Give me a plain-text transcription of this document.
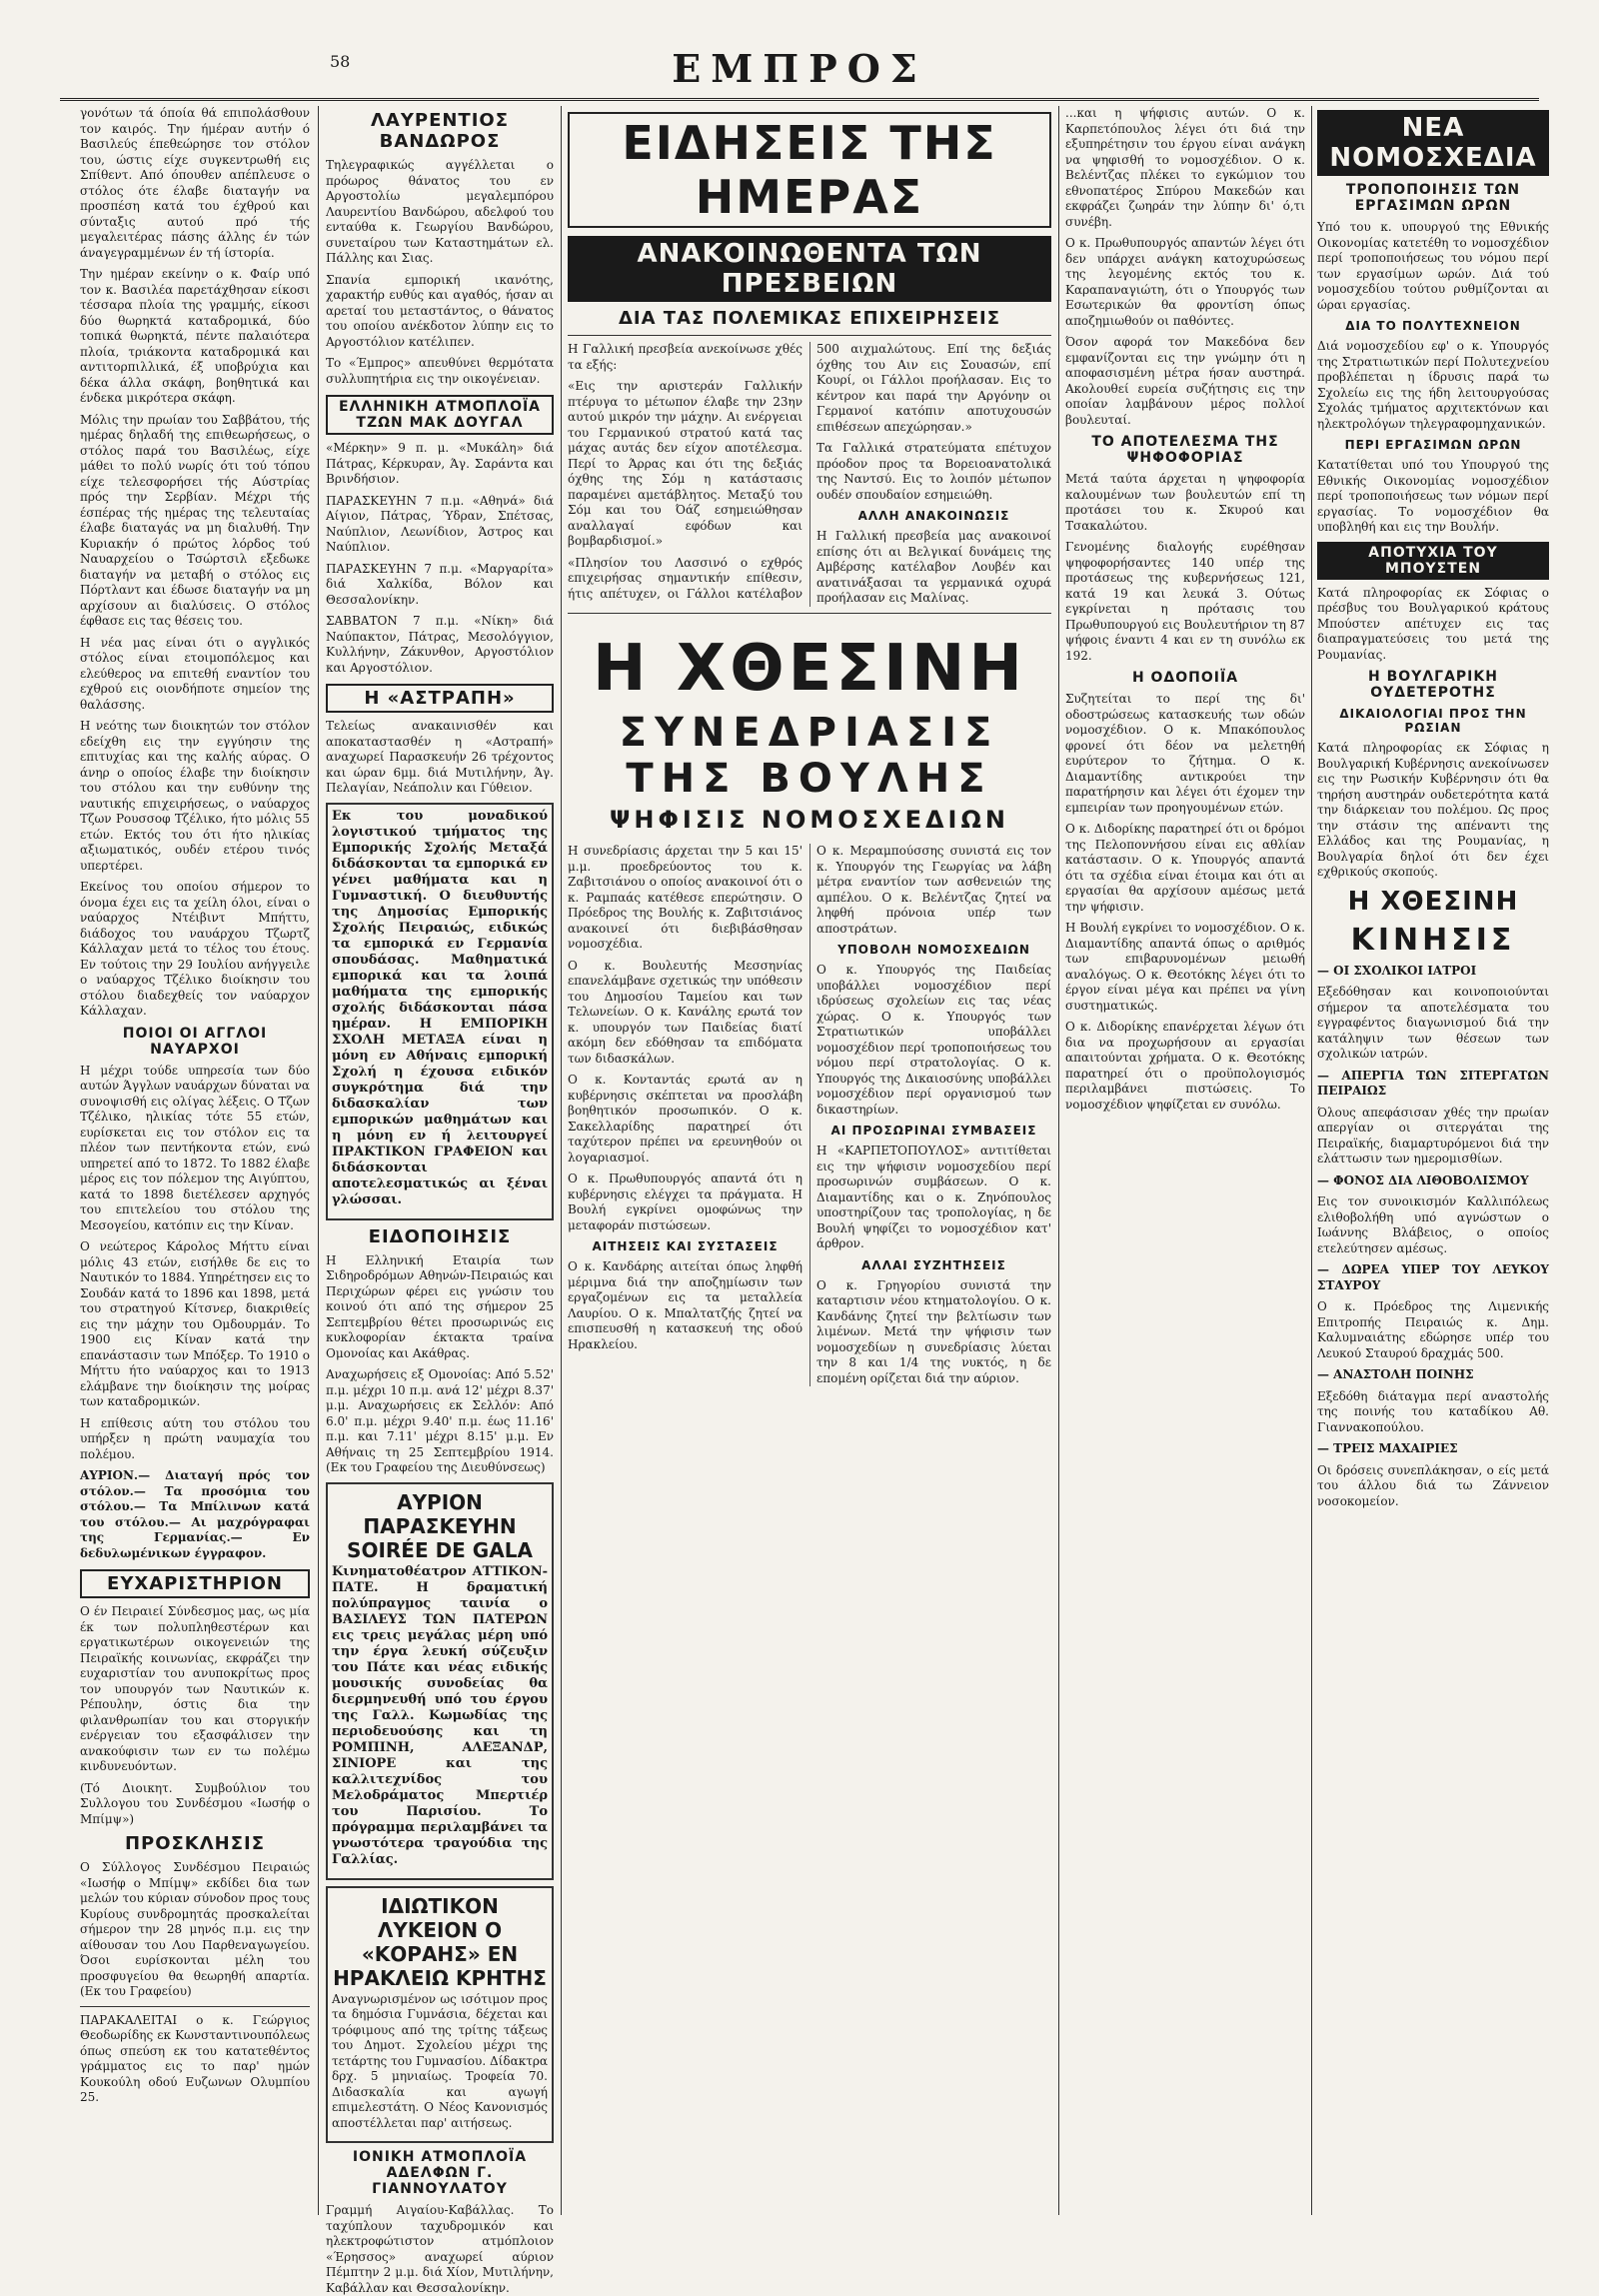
58	ΕΜΠΡΟΣ

γονότων τά όποία θά επιπολάσθουν τον καιρός. Την ήμέραν αυτήν ό Βασιλεύς έπεθεώρησε τον στόλον του, ώστις είχε συγκεντρωθή εις Σπίθεντ. Από όπουθεν απέπλευσε ο στόλος ότε έλαβε διαταγήν να προσπέση κατά του έχθρού και σύνταξις αυτού πρό τής μεγαλειτέρας πάσης άλλης έν τών άναγεγραμμένων έν τή ίστορία.

Την ημέραν εκείνην ο κ. Φαίρ υπό τον κ. Βασιλέα παρετάχθησαν είκοσι τέσσαρα πλοία της γραμμής, είκοσι δύο θωρηκτά καταδρομικά, δύο τοπικά θωρηκτά, πέντε παλαιότερα πλοία, τριάκοντα καταδρομικά και αντιτορπιλλικά, έξ υποβρύχια και δέκα άλλα σκάφη, βοηθητικά και ένδεκα μικρότερα σκάφη.

Μόλις την πρωίαν του Σαββάτου, τής ημέρας δηλαδή της επιθεωρήσεως, ο στόλος παρά του Βασιλέως, είχε μάθει το πολύ νωρίς ότι τού τόπου είχε τελεσφορήσει τής Αύστρίας πρός την Σερβίαν. Μέχρι τής έσπέρας τής ημέρας της τελευταίας έλαβε διαταγάς να μη διαλυθή. Την Κυριακήν ό πρώτος λόρδος τού Ναυαρχείου ο Τσώρτσιλ εξεδωκε διαταγήν να μεταβή ο στόλος εις Πόρτλαντ και έδωσε διαταγήν να μη αρχίσουν αι διαλύσεις. Ο στόλος έφθασε εις τας θέσεις του.

Η νέα μας είναι ότι ο αγγλικός στόλος είναι ετοιμοπόλεμος και ελεύθερος να επιτεθή εναντίον του εχθρού εις οιονδήποτε σημείον της θαλάσσης.

Η νεότης των διοικητών τον στόλον εδείχθη εις την εγγύησιν της επιτυχίας και της καλής αύρας. Ο άνηρ ο οποίος έλαβε την διοίκησιν του στόλου και την ευθύνην της ναυτικής επιχειρήσεως, ο ναύαρχος Τζων Ρουσσοφ Τζέλικο, ήτο μόλις 55 ετών. Εκτός του ότι ήτο ηλικίας αξιωματικός, ουδέν ετέρου τινός υπερτέρει.

Εκείνος του οποίου σήμερον το όνομα έχει εις τα χείλη όλοι, είναι ο ναύαρχος Ντέιβιντ Μπήττυ, διάδοχος του ναυάρχου Τζωρτζ Κάλλαχαν μετά το τέλος του έτους. Εν τούτοις την 29 Ιουλίου ανήγγειλε ο ναύαρχος Τζέλικο διοίκησιν του στόλου διαδεχθείς τον ναύαρχον Κάλλαχαν.

ΠΟΙΟΙ ΟΙ ΑΓΓΛΟΙ ΝΑΥΑΡΧΟΙ

Η μέχρι τούδε υπηρεσία των δύο αυτών Άγγλων ναυάρχων δύναται να συνοψισθή εις ολίγας λέξεις. Ο Τζων Τζέλικο, ηλικίας τότε 55 ετών, ευρίσκεται εις τον στόλον εις τα πλέον των πεντήκοντα ετών, ενώ υπηρετεί από το 1872. Το 1882 έλαβε μέρος εις τον πόλεμον της Αιγύπτου, κατά το 1898 διετέλεσεν αρχηγός του επιτελείου του στόλου της Μεσογείου, κατόπιν εις την Κίναν.

Ο νεώτερος Κάρολος Μήττυ είναι μόλις 43 ετών, εισήλθε δε εις το Ναυτικόν το 1884. Υπηρέτησεν εις το Σουδάν κατά το 1896 και 1898, μετά του στρατηγού Κίτσνερ, διακριθείς εις την μάχην του Ομδουρμάν. Το 1900 εις Κίναν κατά την επανάστασιν των Μπόξερ. Το 1910 ο Μήττυ ήτο ναύαρχος και το 1913 ελάμβανε την διοίκησιν της μοίρας των καταδρομικών.

Η επίθεσις αύτη του στόλου του υπήρξεν η πρώτη ναυμαχία του πολέμου.

ΑΥΡΙΟΝ.— Διαταγή πρός τον στόλον.— Τα προσόμια του στόλου.— Τα Μπίλινων κατά του στόλου.— Αι μαχρόγραφαι της Γερμανίας.— Εν δεδυλωμένικων έγγραφον.

ΕΥΧΑΡΙΣΤΗΡΙΟΝ

Ο έν Πειραιεί Σύνδεσμος μας, ως μία έκ των πολυπληθεστέρων και εργατικωτέρων οικογενειών της Πειραϊκής κοινωνίας, εκφράζει την ευχαριστίαν του ανυποκρίτως προς τον υπουργόν των Ναυτικών κ. Ρέπουλην, όστις δια την φιλανθρωπίαν του και στοργικήν ενέργειαν του εξασφάλισεν την ανακούφισιν των εν τω πολέμω κινδυνευόντων.

(Τό Διοικητ. Συμβούλιον του Συλλογου του Συνδέσμου «Ιωσήφ ο Μπίμψ»)

ΠΡΟΣΚΛΗΣΙΣ

Ο Σύλλογος Συνδέσμου Πειραιώς «Ιωσήφ ο Μπίμψ» εκδίδει δια των μελών του κύριαν σύνοδον προς τους Κυρίους συνδρομητάς προσκαλείται σήμερον την 28 μηνός π.μ. εις την αίθουσαν του Λου Παρθεναγωγείου. Όσοι ευρίσκονται μέλη του προσφυγείου θα θεωρηθή απαρτία. (Εκ του Γραφείου)

ΠΑΡΑΚΑΛΕΙΤΑΙ ο κ. Γεώργιος Θεοδωρίδης εκ Κωνσταντινουπόλεως όπως σπεύση εκ του κατατεθέντος γράμματος εις το παρ' ημών Κουκούλη οδού Ευζωνων Ολυμπίου 25.

ΛΑΥΡΕΝΤΙΟΣ ΒΑΝΔΩΡΟΣ

Τηλεγραφικώς αγγέλλεται ο πρόωρος θάνατος του εν Αργοστολίω μεγαλεμπόρου Λαυρεντίου Βανδώρου, αδελφού του ενταύθα κ. Γεωργίου Βανδώρου, συνεταίρου των Καταστημάτων ελ. Πάλλης και Σιας.

Σπανία εμπορική ικανότης, χαρακτήρ ευθύς και αγαθός, ήσαν αι αρεταί του μεταστάντος, ο θάνατος του οποίου ανέκδοτον λύπην εις το Αργοστόλιον κατέλιπεν.

Το «Έμπρος» απευθύνει θερμότατα συλλυπητήρια εις την οικογένειαν.

ΕΛΛΗΝΙΚΗ ΑΤΜΟΠΛΟΪΑ ΤΖΩΝ ΜΑΚ ΔΟΥΓΑΛ

«Μέρκην» 9 π. μ. «Μυκάλη» διά Πάτρας, Κέρκυραν, Άγ. Σαράντα και Βρινδήσιον.

ΠΑΡΑΣΚΕΥΗΝ 7 π.μ. «Αθηνά» διά Αίγιον, Πάτρας, Ύδραν, Σπέτσας, Ναύπλιον, Λεωνίδιον, Άστρος και Ναύπλιον.

ΠΑΡΑΣΚΕΥΗΝ 7 π.μ. «Μαργαρίτα» διά Χαλκίδα, Βόλον και Θεσσαλονίκην.

ΣΑΒΒΑΤΟΝ 7 π.μ. «Νίκη» διά Ναύπακτον, Πάτρας, Μεσολόγγιον, Κυλλήνην, Ζάκυνθον, Αργοστόλιον και Αργοστόλιον.

Η «ΑΣΤΡΑΠΗ»

Τελείως ανακαινισθέν και αποκαταστασθέν η «Αστραπή» αναχωρεί Παρασκευήν 26 τρέχοντος και ώραν 6μμ. διά Μυτιλήνην, Άγ. Πελαγίαν, Νεάπολιν και Γύθειον.

Εκ του μοναδικού λογιστικού τμήματος της Εμπορικής Σχολής Μεταξά διδάσκονται τα εμπορικά εν γένει μαθήματα και η Γυμναστική. Ο διευθυντής της Δημοσίας Εμπορικής Σχολής Πειραιώς, ειδικώς τα εμπορικά εν Γερμανία σπουδάσας. Μαθηματικά εμπορικά και τα λοιπά μαθήματα της εμπορικής σχολής διδάσκονται πάσα ημέραν. Η ΕΜΠΟΡΙΚΗ ΣΧΟΛΗ ΜΕΤΑΞΑ είναι η μόνη εν Αθήναις εμπορική Σχολή η έχουσα ειδικόν συγκρότημα διά την διδασκαλίαν των εμπορικών μαθημάτων και η μόνη εν ή λειτουργεί ΠΡΑΚΤΙΚΟΝ ΓΡΑΦΕΙΟΝ και διδάσκονται αποτελεσματικώς αι ξέναι γλώσσαι.

ΕΙΔΟΠΟΙΗΣΙΣ

Η Ελληνική Εταιρία των Σιδηροδρόμων Αθηνών-Πειραιώς και Περιχώρων φέρει εις γνώσιν του κοινού ότι από της σήμερον 25 Σεπτεμβρίου θέτει προσωρινώς εις κυκλοφορίαν έκτακτα τραίνα Ομονοίας και Ακάθρας.

Αναχωρήσεις εξ Ομονοίας: Από 5.52' π.μ. μέχρι 10 π.μ. ανά 12' μέχρι 8.37' μ.μ. Αναχωρήσεις εκ Σελλόν: Από 6.0' π.μ. μέχρι 9.40' π.μ. έως 11.16' π.μ. και 7.11' μέχρι 8.15' μ.μ. Εν Αθήναις τη 25 Σεπτεμβρίου 1914. (Εκ του Γραφείου της Διευθύνσεως)

ΑΥΡΙΟΝ ΠΑΡΑΣΚΕΥΗΝ SOIRÉE DE GALA

Κινηματοθέατρον ΑΤΤΙΚΟΝ-ΠΑΤΕ. Η δραματική πολύπραγμος ταινία ο ΒΑΣΙΛΕΥΣ ΤΩΝ ΠΑΤΕΡΩΝ εις τρεις μεγάλας μέρη υπό την έργα λευκή σύζευξιν του Πάτε και νέας ειδικής μουσικής συνοδείας θα διερμηνευθή υπό του έργου της Γαλλ. Κωμωδίας της περιοδευούσης και τη ΡΟΜΠΙΝΗ, ΑΛΕΞΑΝΔΡ, ΣΙΝΙΟΡΕ και της καλλιτεχνίδος του Μελοδράματος Μπερτιέρ του Παρισίου. Το πρόγραμμα περιλαμβάνει τα γνωστότερα τραγούδια της Γαλλίας.

ΙΔΙΩΤΙΚΟΝ ΛΥΚΕΙΟΝ Ο «ΚΟΡΑΗΣ» ΕΝ ΗΡΑΚΛΕΙΩ ΚΡΗΤΗΣ

Αναγνωρισμένον ως ισότιμον προς τα δημόσια Γυμνάσια, δέχεται και τρόφιμους από της τρίτης τάξεως του Δημοτ. Σχολείου μέχρι της τετάρτης του Γυμνασίου. Δίδακτρα δρχ. 5 μηνιαίως. Τροφεία 70. Διδασκαλία και αγωγή επιμελεστάτη. Ο Νέος Κανονισμός αποστέλλεται παρ' αιτήσεως.

ΙΟΝΙΚΗ ΑΤΜΟΠΛΟΪΑ ΑΔΕΛΦΩΝ Γ. ΓΙΑΝΝΟΥΛΑΤΟΥ

Γραμμή Αιγαίου-Καβάλλας. Το ταχύπλουν ταχυδρομικόν και ηλεκτροφώτιστον ατμόπλοιον «Έρησσος» αναχωρεί αύριον Πέμπτην 2 μ.μ. διά Χίον, Μυτιλήνην, Καβάλλαν και Θεσσαλονίκην.

ΕΙΔΗΣΕΙΣ ΤΗΣ ΗΜΕΡΑΣ
ΑΝΑΚΟΙΝΩΘΕΝΤΑ ΤΩΝ ΠΡΕΣΒΕΙΩΝ
ΔΙΑ ΤΑΣ ΠΟΛΕΜΙΚΑΣ ΕΠΙΧΕΙΡΗΣΕΙΣ

Η Γαλλική πρεσβεία ανεκοίνωσε χθές τα εξής:

«Εις την αριστεράν Γαλλικήν πτέρυγα το μέτωπον έλαβε την 23ην αυτού μικρόν την μάχην. Αι ενέργειαι του Γερμανικού στρατού κατά τας μάχας αυτάς δεν είχον αποτέλεσμα. Περί το Άρρας και ότι της δεξιάς όχθης της Σόμ η κατάστασις παραμένει αμετάβλητος. Μεταξύ του Σόμ και του Όάζ εσημειώθησαν αναλλαγαί εφόδων και βομβαρδισμοί.»

«Πλησίον του Λασσινό ο εχθρός επιχειρήσας σημαντικήν επίθεσιν, ήτις απέτυχεν, οι Γάλλοι κατέλαβον 500 αιχμαλώτους. Επί της δεξιάς όχθης του Αιν εις Σουασών, επί Κουρί, οι Γάλλοι προήλασαν. Εις το κέντρον και παρά την Αργόνην οι Γερμανοί κατόπιν αποτυχουσών επιθέσεων απεχώρησαν.»

Τα Γαλλικά στρατεύματα επέτυχον πρόοδον προς τα Βορειοανατολικά της Ναντσύ. Εις το λοιπόν μέτωπον ουδέν σπουδαίον εσημειώθη.

ΑΛΛΗ ΑΝΑΚΟΙΝΩΣΙΣ

Η Γαλλική πρεσβεία μας ανακοινοί επίσης ότι αι Βελγικαί δυνάμεις της Αμβέρσης κατέλαβον Λουβέν και ανατινάξασαι τα γερμανικά οχυρά προήλασαν εις Μαλίνας.

Η ΧΘΕΣΙΝΗ
ΣΥΝΕΔΡΙΑΣΙΣ ΤΗΣ ΒΟΥΛΗΣ
ΨΗΦΙΣΙΣ ΝΟΜΟΣΧΕΔΙΩΝ

Η συνεδρίασις άρχεται την 5 και 15' μ.μ. προεδρεύοντος του κ. Ζαβιτσιάνου ο οποίος ανακοινοί ότι ο κ. Ραμπαάς κατέθεσε επερώτησιν. Ο Πρόεδρος της Βουλής κ. Ζαβιτσιάνος ανακοινεί ότι διεβιβάσθησαν νομοσχέδια.

Ο κ. Βουλευτής Μεσσηνίας επανελάμβανε σχετικώς την υπόθεσιν του Δημοσίου Ταμείου και των Τελωνείων. Ο κ. Κανάλης ερωτά τον κ. υπουργόν των Παιδείας διατί ακόμη δεν εδόθησαν τα επιδόματα των διδασκάλων.

Ο κ. Κονταντάς ερωτά αν η κυβέρνησις σκέπτεται να προσλάβη βοηθητικόν προσωπικόν. Ο κ. Σακελλαρίδης παρατηρεί ότι ταχύτερον πρέπει να ερευνηθούν οι λογαριασμοί.

Ο κ. Πρωθυπουργός απαντά ότι η κυβέρνησις ελέγχει τα πράγματα. Η Βουλή εγκρίνει ομοφώνως την μεταφοράν πιστώσεων.

ΑΙΤΗΣΕΙΣ ΚΑΙ ΣΥΣΤΑΣΕΙΣ

Ο κ. Κανδάρης αιτείται όπως ληφθή μέριμνα διά την αποζημίωσιν των εργαζομένων εις τα μεταλλεία Λαυρίου. Ο κ. Μπαλτατζής ζητεί να επισπευσθή η κατασκευή της οδού Ηρακλείου.

Ο κ. Μεραμπούσσης συνιστά εις τον κ. Υπουργόν της Γεωργίας να λάβη μέτρα εναντίον των ασθενειών της αμπέλου. Ο κ. Βελέντζας ζητεί να ληφθή πρόνοια υπέρ των αποστράτων.

ΥΠΟΒΟΛΗ ΝΟΜΟΣΧΕΔΙΩΝ

Ο κ. Υπουργός της Παιδείας υποβάλλει νομοσχέδιον περί ιδρύσεως σχολείων εις τας νέας χώρας. Ο κ. Υπουργός των Στρατιωτικών υποβάλλει νομοσχέδιον περί τροποποιήσεως του νόμου περί στρατολογίας. Ο κ. Υπουργός της Δικαιοσύνης υποβάλλει νομοσχέδιον περί οργανισμού των δικαστηρίων.

ΑΙ ΠΡΟΣΩΡΙΝΑΙ ΣΥΜΒΑΣΕΙΣ

Η «ΚΑΡΠΕΤΟΠΟΥΛΟΣ» αντιτίθεται εις την ψήφισιν νομοσχεδίου περί προσωρινών συμβάσεων. Ο κ. Διαμαντίδης και ο κ. Ζηνόπουλος υποστηρίζουν τας τροπολογίας, η δε Βουλή ψηφίζει το νομοσχέδιον κατ' άρθρον.

ΑΛΛΑΙ ΣΥΖΗΤΗΣΕΙΣ

Ο κ. Γρηγορίου συνιστά την καταρτισιν νέου κτηματολογίου. Ο κ. Κανδάνης ζητεί την βελτίωσιν των λιμένων. Μετά την ψήφισιν των νομοσχεδίων η συνεδρίασις λύεται την 8 και 1/4 της νυκτός, η δε επομένη ορίζεται διά την αύριον.

...και η ψήφισις αυτών. Ο κ. Καρπετόπουλος λέγει ότι διά την εξυπηρέτησιν του έργου είναι ανάγκη να ψηφισθή το νομοσχέδιον. Ο κ. Βελέντζας πλέκει το εγκώμιον του εθνοπατέρος Σπύρου Μακεδών και εκφράζει ζωηράν την λύπην δι' ό,τι συνέβη.

Ο κ. Πρωθυπουργός απαντών λέγει ότι δεν υπάρχει ανάγκη κατοχυρώσεως της λεγομένης εκτός του κ. Καραπαναγιώτη, ότι ο Υπουργός των Εσωτερικών θα φροντίση όπως αποζημιωθούν οι παθόντες.

Όσον αφορά τον Μακεδόνα δεν εμφανίζονται εις την γνώμην ότι η αποφασισμένη μέτρα ήσαν αυστηρά. Ακολουθεί ευρεία συζήτησις εις την οποίαν λαμβάνουν μέρος πολλοί βουλευταί.

ΤΟ ΑΠΟΤΕΛΕΣΜΑ ΤΗΣ ΨΗΦΟΦΟΡΙΑΣ

Μετά ταύτα άρχεται η ψηφοφορία καλουμένων των βουλευτών επί τη προτάσει του κ. Σκυρού και Τσακαλώτου.

Γενομένης διαλογής ευρέθησαν ψηφοφορήσαντες 140 υπέρ της προτάσεως της κυβερνήσεως 121, κατά 19 και λευκά 3. Ούτως εγκρίνεται η πρότασις του Πρωθυπουργού εις Βουλευτήριον τη 87 ψήφοις έναντι 4 και εν τη συνόλω εκ 192.

Η ΟΔΟΠΟΙΪΑ

Συζητείται το περί της δι' οδοστρώσεως κατασκευής των οδών νομοσχέδιον. Ο κ. Μπακόπουλος φρονεί ότι δέον να μελετηθή ευρύτερον το ζήτημα. Ο κ. Διαμαντίδης αντικρούει την παρατήρησιν και λέγει ότι έχομεν την εμπειρίαν των προηγουμένων ετών.

Ο κ. Διδορίκης παρατηρεί ότι οι δρόμοι της Πελοποννήσου είναι εις αθλίαν κατάστασιν. Ο κ. Υπουργός απαντά ότι τα σχέδια είναι έτοιμα και ότι αι εργασίαι θα αρχίσουν αμέσως μετά την ψήφισιν.

Η Βουλή εγκρίνει το νομοσχέδιον. Ο κ. Διαμαντίδης απαντά όπως ο αριθμός των επιβαρυνομένων μειωθή αναλόγως. Ο κ. Θεοτόκης λέγει ότι το έργον είναι μέγα και πρέπει να γίνη συστηματικώς.

Ο κ. Διδορίκης επανέρχεται λέγων ότι δια να προχωρήσουν αι εργασίαι απαιτούνται χρήματα. Ο κ. Θεοτόκης παρατηρεί ότι ο προϋπολογισμός περιλαμβάνει πιστώσεις. Το νομοσχέδιον ψηφίζεται εν συνόλω.

ΝΕΑ ΝΟΜΟΣΧΕΔΙΑ
ΤΡΟΠΟΠΟΙΗΣΙΣ ΤΩΝ ΕΡΓΑΣΙΜΩΝ ΩΡΩΝ

Υπό του κ. υπουργού της Εθνικής Οικονομίας κατετέθη το νομοσχέδιον περί τροποποιήσεως του νόμου περί των εργασίμων ωρών. Διά τού νομοσχεδίου τούτου ρυθμίζονται αι ώραι εργασίας.

ΔΙΑ ΤΟ ΠΟΛΥΤΕΧΝΕΙΟΝ

Διά νομοσχεδίου εφ' ο κ. Υπουργός της Στρατιωτικών περί Πολυτεχνείου προβλέπεται η ίδρυσις παρά τω Σχολείω εις της ήδη λειτουργούσας Σχολάς τμήματος αρχιτεκτόνων και ηλεκτρολόγων τηλεγραφομηχανικών.

ΠΕΡΙ ΕΡΓΑΣΙΜΩΝ ΩΡΩΝ

Κατατίθεται υπό του Υπουργού της Εθνικής Οικονομίας νομοσχέδιον περί τροποποιήσεως των νόμων περί εργασίας. Το νομοσχέδιον θα υποβληθή και εις την Βουλήν.

ΑΠΟΤΥΧΙΑ ΤΟΥ ΜΠΟΥΣΤΕΝ

Κατά πληροφορίας εκ Σόφιας ο πρέσβυς του Βουλγαρικού κράτους Μπούστεν απέτυχεν εις τας διαπραγματεύσεις του μετά της Ρουμανίας.

Η ΒΟΥΛΓΑΡΙΚΗ ΟΥΔΕΤΕΡΟΤΗΣ
ΔΙΚΑΙΟΛΟΓΙΑΙ ΠΡΟΣ ΤΗΝ ΡΩΣΙΑΝ

Κατά πληροφορίας εκ Σόφιας η Βουλγαρική Κυβέρνησις ανεκοίνωσεν εις την Ρωσικήν Κυβέρνησιν ότι θα τηρήση αυστηράν ουδετερότητα κατά την διάρκειαν του πολέμου. Ως προς την στάσιν της απέναντι της Ελλάδος και της Ρουμανίας, η Βουλγαρία δηλοί ότι δεν έχει εχθρικούς σκοπούς.

Η ΧΘΕΣΙΝΗ
ΚΙΝΗΣΙΣ

— ΟΙ ΣΧΟΛΙΚΟΙ ΙΑΤΡΟΙ

Εξεδόθησαν και κοινοποιούνται σήμερον τα αποτελέσματα του εγγραφέντος διαγωνισμού διά την κατάληψιν των θέσεων των σχολικών ιατρών.

— ΑΠΕΡΓΙΑ ΤΩΝ ΣΙΤΕΡΓΑΤΩΝ ΠΕΙΡΑΙΩΣ

Όλους απεφάσισαν χθές την πρωίαν απεργίαν οι σιτεργάται της Πειραϊκής, διαμαρτυρόμενοι διά την ελάττωσιν των ημερομισθίων.

— ΦΟΝΟΣ ΔΙΑ ΛΙΘΟΒΟΛΙΣΜΟΥ

Εις τον συνοικισμόν Καλλιπόλεως ελιθοβολήθη υπό αγνώστων ο Ιωάννης Βλάβειος, ο οποίος ετελεύτησεν αμέσως.

— ΔΩΡΕΑ ΥΠΕΡ ΤΟΥ ΛΕΥΚΟΥ ΣΤΑΥΡΟΥ

Ο κ. Πρόεδρος της Λιμενικής Επιτροπής Πειραιώς κ. Δημ. Καλυμναιάτης εδώρησε υπέρ του Λευκού Σταυρού δραχμάς 500.

— ΑΝΑΣΤΟΛΗ ΠΟΙΝΗΣ

Εξεδόθη διάταγμα περί αναστολής της ποινής του καταδίκου Αθ. Γιαννακοπούλου.

— ΤΡΕΙΣ ΜΑΧΑΙΡΙΕΣ

Οι δρόσεις συνεπλάκησαν, ο είς μετά του άλλου διά τω Ζάννειον νοσοκομείον.
